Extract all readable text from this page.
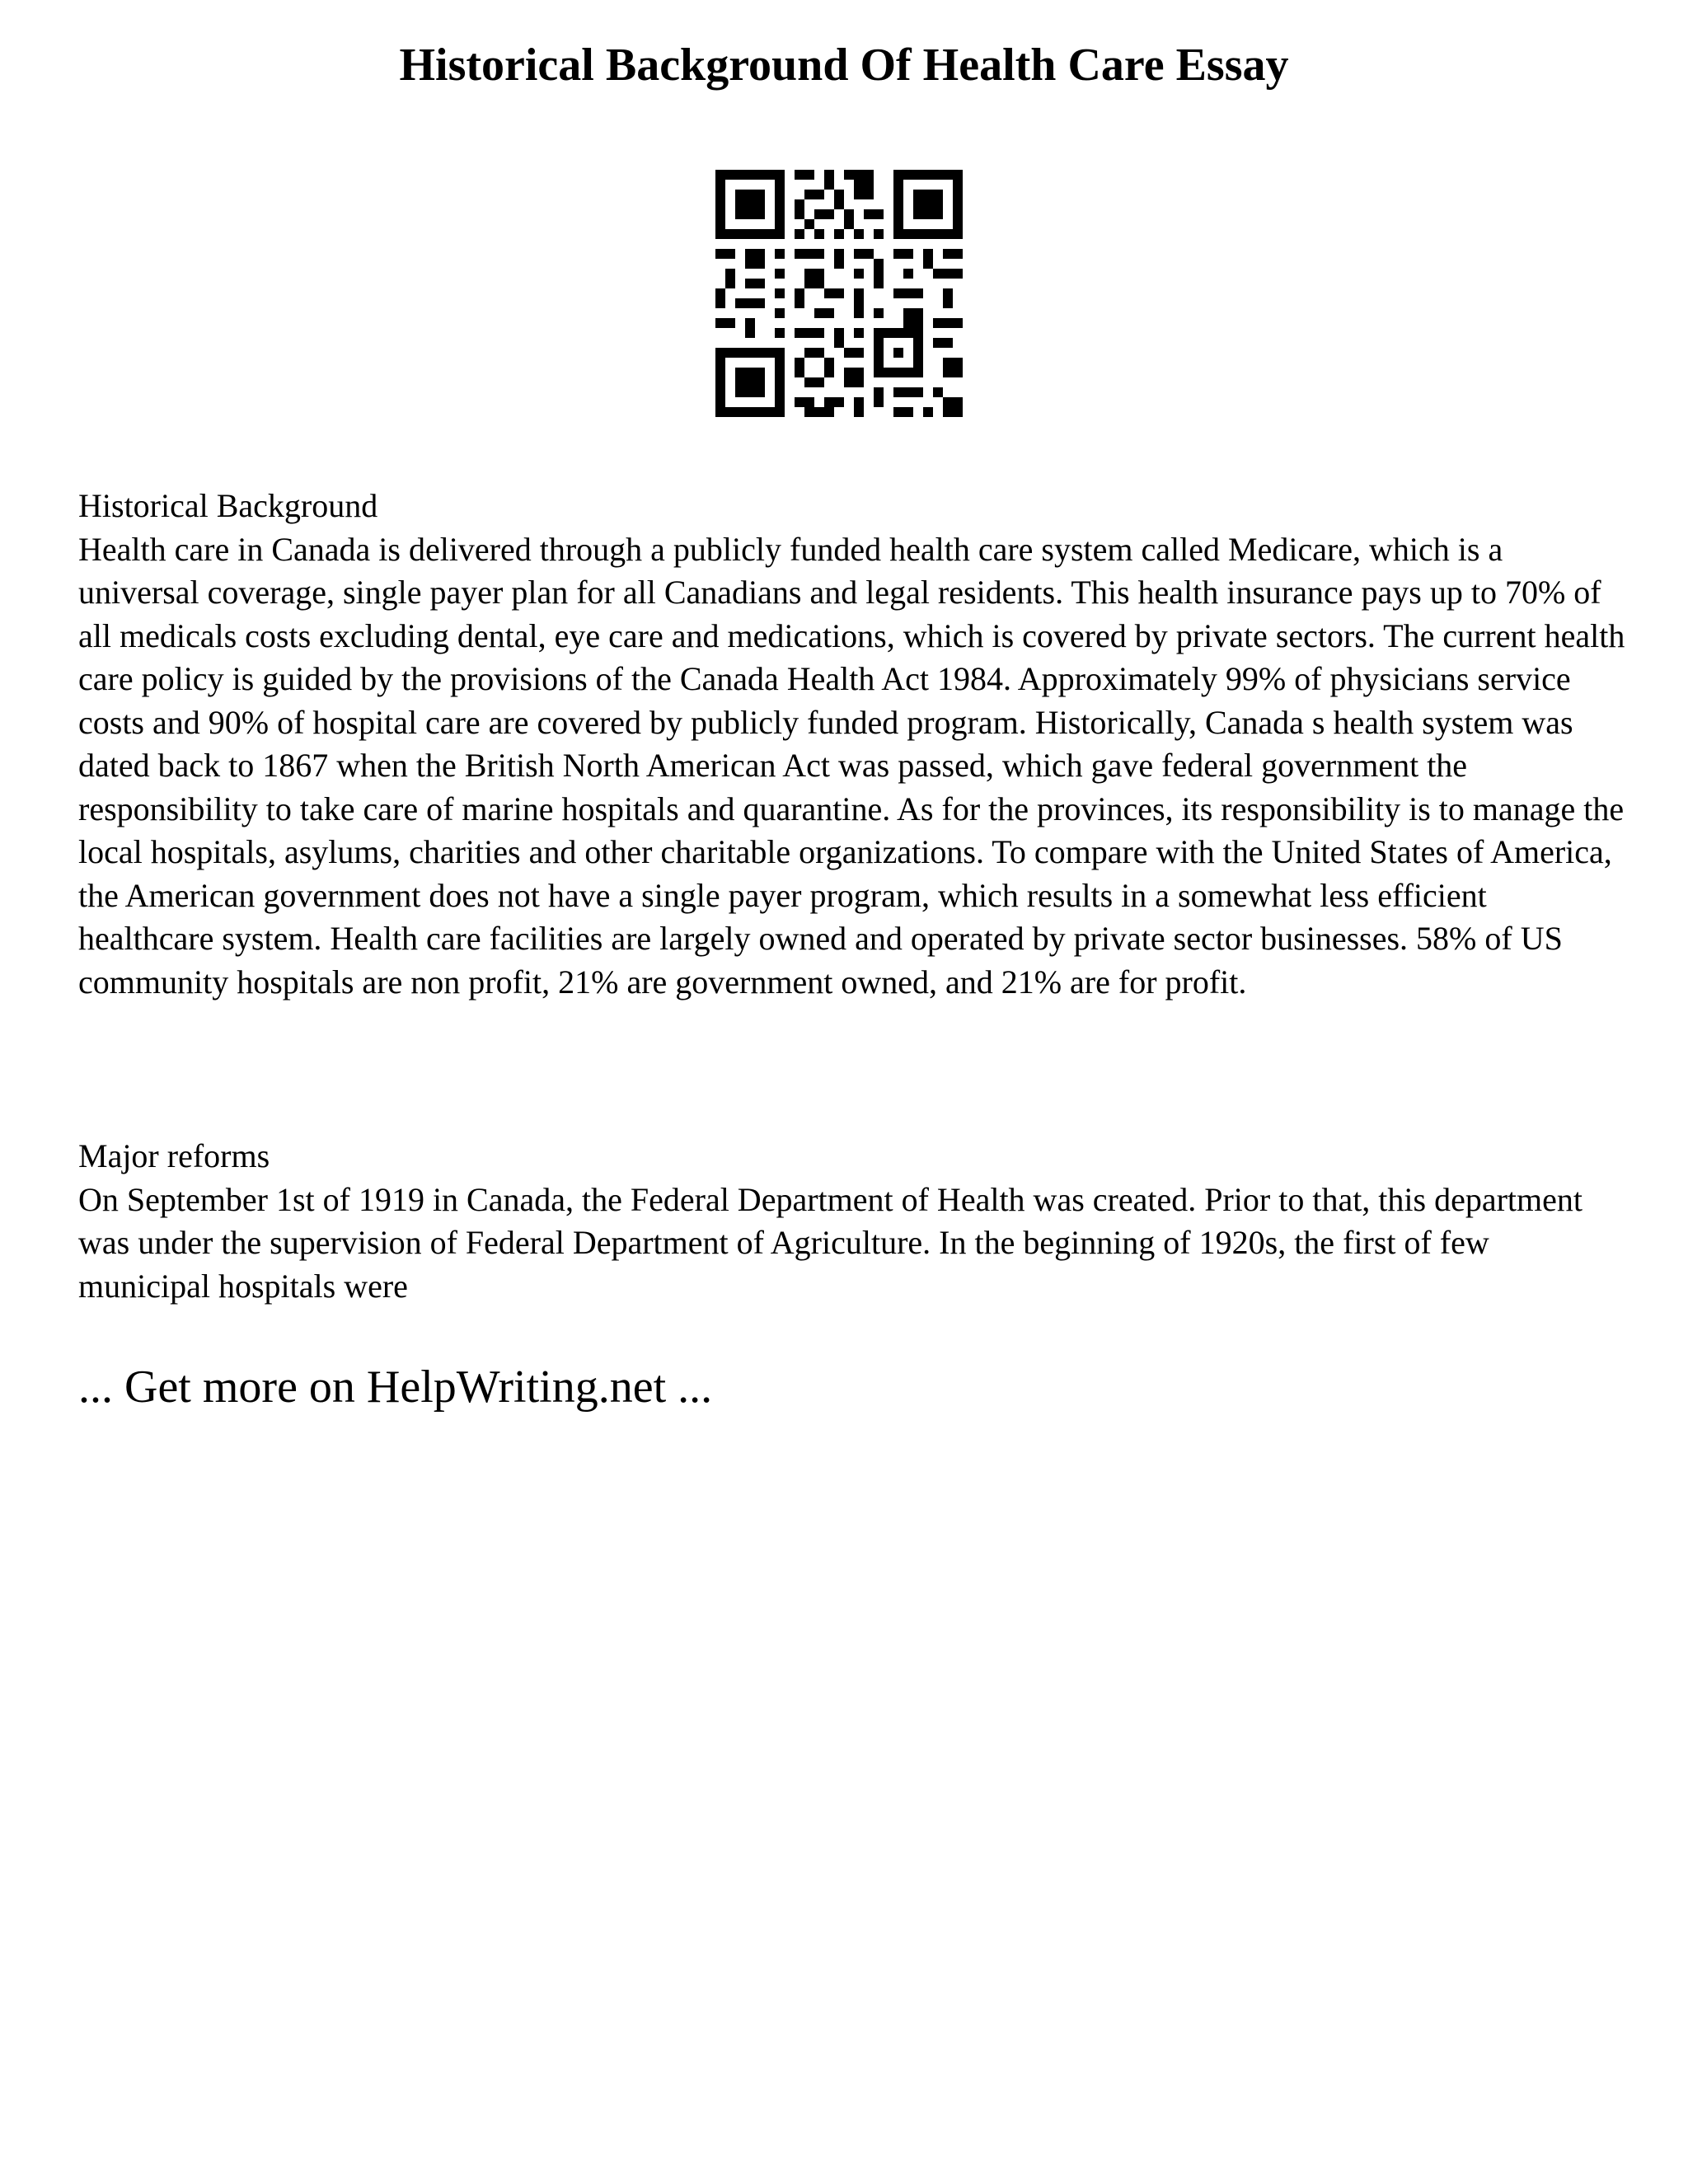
Historical Background Of Health Care Essay

Historical Background

Health care in Canada is delivered through a publicly funded health care system called Medicare, which is a universal coverage, single payer plan for all Canadians and legal residents. This health insurance pays up to 70% of all medicals costs excluding dental, eye care and medications, which is covered by private sectors. The current health care policy is guided by the provisions of the Canada Health Act 1984. Approximately 99% of physicians service costs and 90% of hospital care are covered by publicly funded program. Historically, Canada s health system was dated back to 1867 when the British North American Act was passed, which gave federal government the responsibility to take care of marine hospitals and quarantine. As for the provinces, its responsibility is to manage the local hospitals, asylums, charities and other charitable organizations. To compare with the United States of America, the American government does not have a single payer program, which results in a somewhat less efficient healthcare system. Health care facilities are largely owned and operated by private sector businesses. 58% of US community hospitals are non profit, 21% are government owned, and 21% are for profit.

Major reforms

On September 1st of 1919 in Canada, the Federal Department of Health was created. Prior to that, this department was under the supervision of Federal Department of Agriculture. In the beginning of 1920s, the first of few municipal hospitals were

... Get more on HelpWriting.net ...
